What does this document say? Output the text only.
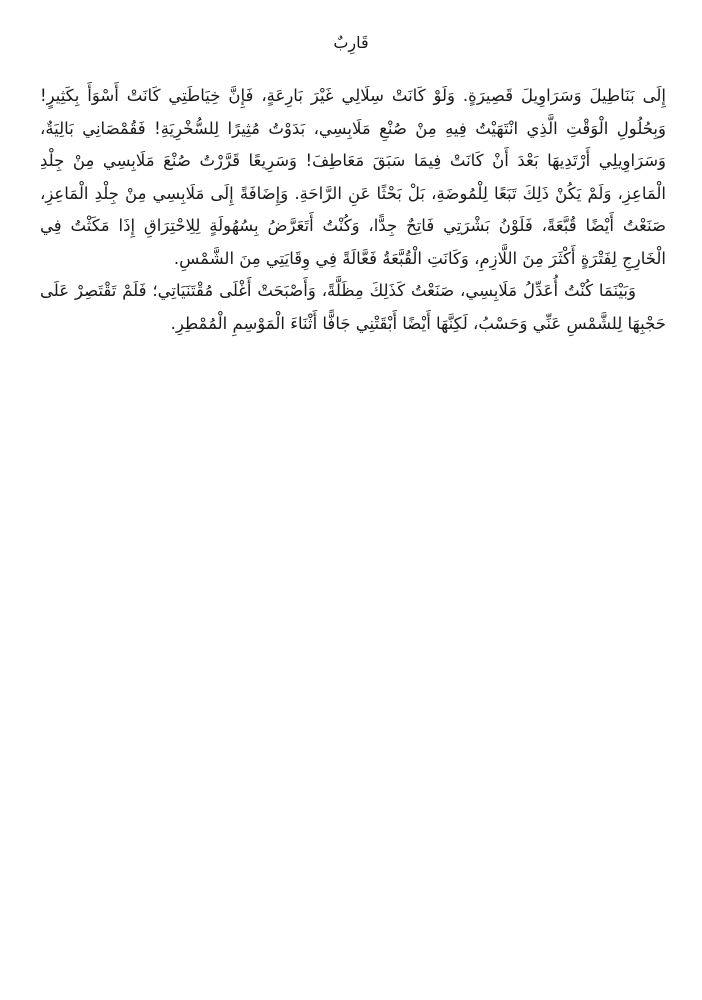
قَارِبٌ

إِلَى بَنَاطِيلَ وَسَرَاوِيلَ قَصِيرَةٍ. وَلَوْ كَانَتْ سِلَالِي غَيْرَ بَارِعَةٍ، فَإِنَّ خِيَاطَتِي كَانَتْ أَسْوَأَ بِكَثِيرٍ! وَبِحُلُولِ الْوَقْتِ الَّذِي انْتَهَيْتُ فِيهِ مِنْ صُنْعِ مَلَابِسِي، بَدَوْتُ مُثِيرًا لِلسُّخْرِيَةِ! فَقُمْصَانِي بَالِيَةٌ، وَسَرَاوِيلِي أَرْتَدِيهَا بَعْدَ أَنْ كَانَتْ فِيمَا سَبَقَ مَعَاطِفَ! وَسَرِيعًا قَرَّرْتُ صُنْعَ مَلَابِسِي مِنْ جِلْدِ الْمَاعِزِ، وَلَمْ يَكُنْ ذَلِكَ تَبَعًا لِلْمُوضَةِ، بَلْ بَحْثًا عَنِ الرَّاحَةِ. وَإِضَافَةً إِلَى مَلَابِسِي مِنْ جِلْدِ الْمَاعِزِ، صَنَعْتُ أَيْضًا قُبَّعَةً، فَلَوْنُ بَشْرَتِي فَاتِحٌ جِدًّا، وَكُنْتُ أَتَعَرَّضُ بِسُهُولَةٍ لِلِاحْتِرَاقِ إِذَا مَكَثْتُ فِي الْخَارِجِ لِفَتْرَةٍ أَكْثَرَ مِنَ اللَّازِمِ، وَكَانَتِ الْقُبَّعَةُ فَعَّالَةً فِي وِقَايَتِي مِنَ الشَّمْسِ.

وَبَيْنَمَا كُنْتُ أُعَدِّلُ مَلَابِسِي، صَنَعْتُ كَذَلِكَ مِظَلَّةً، وَأَصْبَحَتْ أَغْلَى مُقْتَنَيَاتِي؛ فَلَمْ تَقْتَصِرْ عَلَى حَجْبِهَا لِلشَّمْسِ عَنِّي وَحَسْبُ، لَكِنَّهَا أَيْضًا أَبْقَتْنِي جَافًّا أَثْنَاءَ الْمَوْسِمِ الْمُمْطِرِ.
